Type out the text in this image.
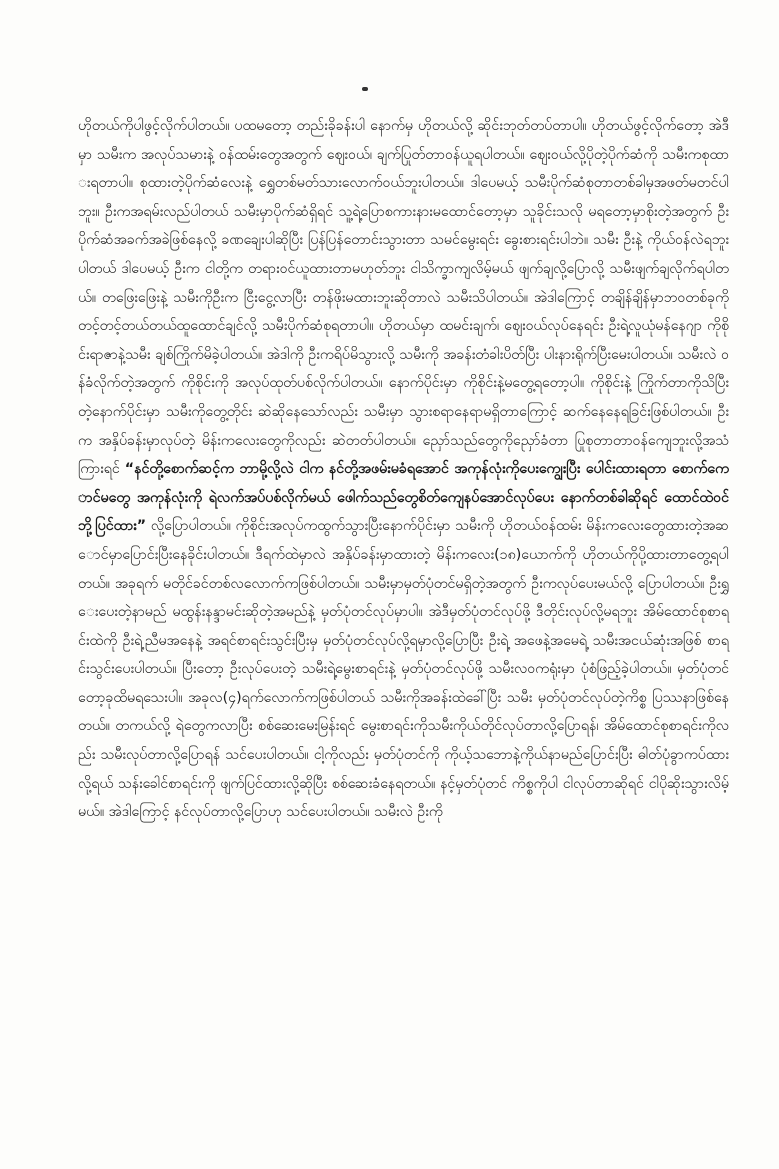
ဟိုတယ်ကိုပါဖွင့်လိုက်ပါတယ်။ ပထမတော့ တည်းခိုခန်းပါ နောက်မှ ဟိုတယ်လို့ ဆိုင်းဘုတ်တပ်တာပါ။ ဟိုတယ်ဖွင့်လိုက်တော့ အဲဒီမှာ သမီးက အလုပ်သမားနဲ့ ဝန်ထမ်းတွေအတွက် ဈေးဝယ်၊ ချက်ပြုတ်တာဝန်ယူရပါတယ်။ ဈေးဝယ်လို့ပိုတဲ့ပိုက်ဆံကို သမီးကစုထားရတာပါ။ စုထားတဲ့ပိုက်ဆံလေးနဲ့ ရွှေတစ်မတ်သားလောက်ဝယ်ဘူးပါတယ်။ ဒါပေမယ့် သမီးပိုက်ဆံစုတာတစ်ခါမှအဖတ်မတင်ပါဘူး။ ဦးကအရမ်းလည်ပါတယ် သမီးမှာပိုက်ဆံရှိရင် သူ့ရဲ့ပြောစကားနားမထောင်တော့မှာ သူခိုင်းသလို မရတော့မှာစိုးတဲ့အတွက် ဦးပိုက်ဆံအခက်အခဲဖြစ်နေလို့ ခဏချေးပါဆိုပြီး ပြန်ပြန်တောင်းသွားတာ သမင်မွေးရင်း ခွေးစားရင်းပါဘဲ။ သမီး ဦးနဲ့ ကိုယ်ဝန်လဲရဘူးပါတယ် ဒါပေမယ့် ဦးက ငါတို့က တရားဝင်ယူထားတာမဟုတ်ဘူး ငါသိက္ခာကျလိမ့်မယ် ဖျက်ချလို့ပြောလို့ သမီးဖျက်ချလိုက်ရပါတယ်။ တဖြေးဖြေးနဲ့ သမီးကိုဦးက ငြီးငွေ့လာပြီး တန်ဖိုးမထားဘူးဆိုတာလဲ သမီးသိပါတယ်။ အဲဒါကြောင့် တချိန်ချိန်မှာဘဝတစ်ခုကို တင့်တင့်တယ်တယ်ထူထောင်ချင်လို့ သမီးပိုက်ဆံစုရတာပါ။ ဟိုတယ်မှာ ထမင်းချက်၊ ဈေးဝယ်လုပ်နေရင်း ဦးရဲ့လူယုံမန်နေဂျာ ကိုစိုင်းရာဇာနဲ့သမီး ချစ်ကြိုက်မိခဲ့ပါတယ်။ အဲဒါကို ဦးကရိပ်မိသွားလို့ သမီးကို အခန်းတံခါးပိတ်ပြီး ပါးနားရိုက်ပြီးမေးပါတယ်။ သမီးလဲ ဝန်ခံလိုက်တဲ့အတွက် ကိုစိုင်းကို အလုပ်ထုတ်ပစ်လိုက်ပါတယ်။ နောက်ပိုင်းမှာ ကိုစိုင်းနဲ့မတွေ့ရတော့ပါ။ ကိုစိုင်းနဲ့ ကြိုက်တာကိုသိပြီးတဲ့နောက်ပိုင်းမှာ သမီးကိုတွေ့တိုင်း ဆဲဆိုနေသော်လည်း သမီးမှာ သွားစရာနေရာမရှိတာကြောင့် ဆက်နေနေရခြင်းဖြစ်ပါတယ်။ ဦးက အနှိပ်ခန်းမှာလုပ်တဲ့ မိန်းကလေးတွေကိုလည်း ဆဲတတ်ပါတယ်။ ညှော်သည်တွေကိုညှော်ခံတာ ပြုစုတာတာဝန်ကျေဘူးလို့အသံကြားရင် “နင်တို့စောက်ဆင့်က ဘာမို့လို့လဲ ငါက နင်တို့အဖမ်းမခံရအောင် အကုန်လုံးကိုပေးကျွေးပြီး ပေါင်းထားရတာ စောက်ကောင်မတွေ အကုန်လုံးကို ရဲလက်အပ်ပစ်လိုက်မယ် ဖေါက်သည်တွေစိတ်ကျေနပ်အောင်လုပ်ပေး နောက်တစ်ခါဆိုရင် ထောင်ထဲဝင်ဘို့ပြင်ထား” လို့ပြောပါတယ်။ ကိုစိုင်းအလုပ်ကထွက်သွားပြီးနောက်ပိုင်းမှာ သမီးကို ဟိုတယ်ဝန်ထမ်း မိန်းကလေးတွေထားတဲ့အဆောင်မှာပြောင်းပြီးနေခိုင်းပါတယ်။ ဒီရက်ထဲမှာလဲ အနှိပ်ခန်းမှာထားတဲ့ မိန်းကလေး(၁၈)ယောက်ကို ဟိုတယ်ကိုပို့ထားတာတွေ့ရပါတယ်။ အခုရက် မတိုင်ခင်တစ်လလောက်ကဖြစ်ပါတယ်။ သမီးမှာမှတ်ပုံတင်မရှိတဲ့အတွက် ဦးကလုပ်ပေးမယ်လို့ ပြောပါတယ်။ ဦးရွှေးပေးတဲ့နာမည် မထွန်းနန္ဒာမင်းဆိုတဲ့အမည်နဲ့ မှတ်ပုံတင်လုပ်မှာပါ။ အဲဒီမှတ်ပုံတင်လုပ်ဖို့ ဒီတိုင်းလုပ်လို့မရဘူး အိမ်ထောင်စုစာရင်းထဲကို ဦးရဲ့ညီမအနေနဲ့ အရင်စာရင်းသွင်းပြီးမှ မှတ်ပုံတင်လုပ်လို့ရမှာလို့ပြောပြီး ဦးရဲ့ အဖေနဲ့အမေရဲ့ သမီးအငယ်ဆုံးအဖြစ် စာရင်းသွင်းပေးပါတယ်။ ပြီးတော့ ဦးလုပ်ပေးတဲ့ သမီးရဲ့မွေးစာရင်းနဲ့ မှတ်ပုံတင်လုပ်ဖို့ သမီးလဝကရုံးမှာ ပုံစံဖြည့်ခဲ့ပါတယ်။ မှတ်ပုံတင်တော့ခုထိမရသေးပါ။ အခုလ(၄)ရက်လောက်ကဖြစ်ပါတယ် သမီးကိုအခန်းထဲခေါ်ပြီး သမီး မှတ်ပုံတင်လုပ်တဲ့ကိစ္စ ပြဿနာဖြစ်နေတယ်။ တကယ်လို့ ရဲတွေကလာပြီး စစ်ဆေးမေးမြန်းရင် မွေးစာရင်းကိုသမီးကိုယ်တိုင်လုပ်တာလို့ပြောရန်၊ အိမ်ထောင်စုစာရင်းကိုလည်း သမီးလုပ်တာလို့ပြောရန် သင်ပေးပါတယ်။ ငါ့ကိုလည်း မှတ်ပုံတင်ကို ကိုယ့်သဘောနဲ့ကိုယ်နာမည်ပြောင်းပြီး ဓါတ်ပုံခွာကပ်ထားလို့ရယ် သန်းခေါင်စာရင်းကို ဖျက်ပြင်ထားလို့ဆိုပြီး စစ်ဆေးခံနေရတယ်။ နင့်မှတ်ပုံတင် ကိစ္စကိုပါ ငါလုပ်တာဆိုရင် ငါပိုဆိုးသွားလိမ့်မယ်။ အဲဒါကြောင့် နင်လုပ်တာလို့ပြောဟု သင်ပေးပါတယ်။ သမီးလဲ ဦးကို
